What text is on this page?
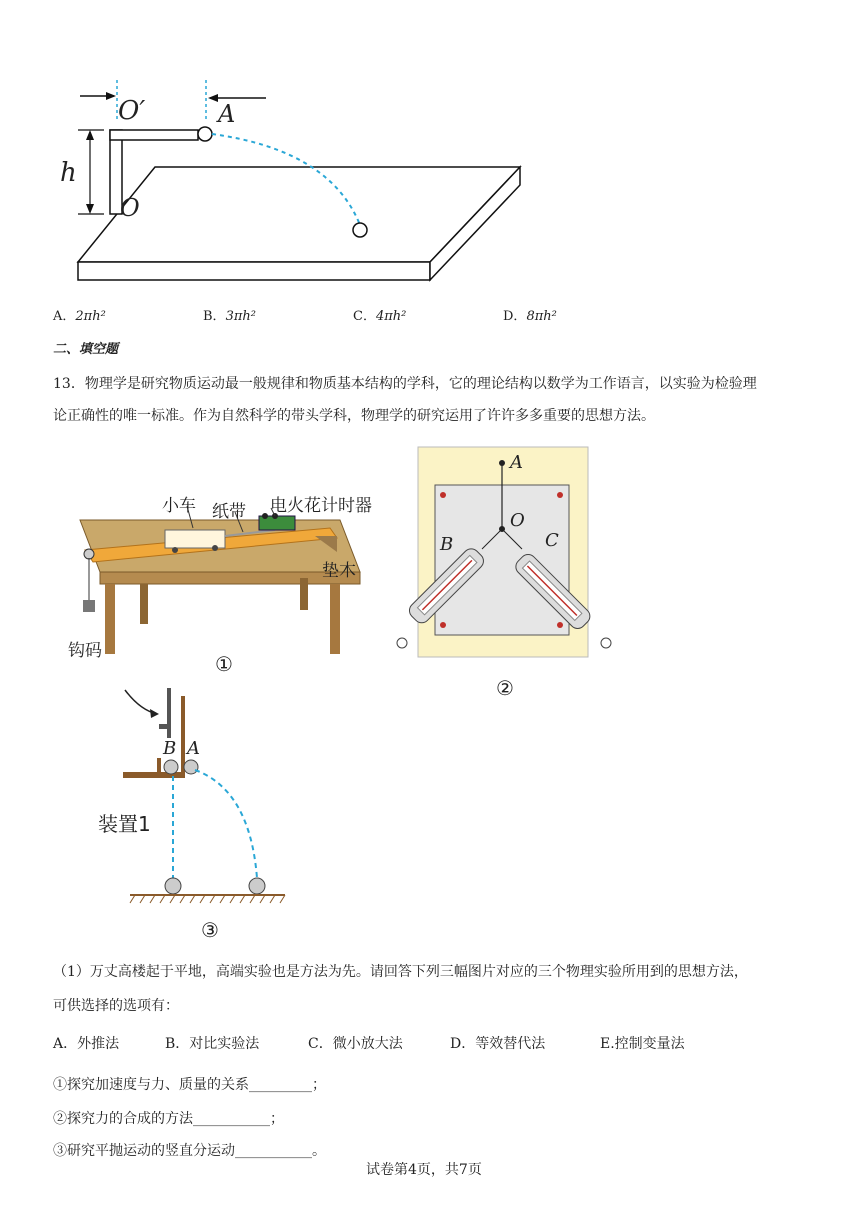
O′	A
h
O
A．2πh²	B．3πh²	C．4πh²	D．8πh²
二、填空题
13．物理学是研究物质运动最一般规律和物质基本结构的学科，它的理论结构以数学为工作语言，以实验为检验理
论正确性的唯一标准。作为自然科学的带头学科，物理学的研究运用了许许多多重要的思想方法。
小车 纸带 电火花计时器
垫木
钩码
①
A
O
B	C
②
B A
装置1
③
（1）万丈高楼起于平地，高端实验也是方法为先。请回答下列三幅图片对应的三个物理实验所用到的思想方法，
可供选择的选项有：
A．外推法	B．对比实验法	C．微小放大法	D．等效替代法	E.控制变量法
①探究加速度与力、质量的关系_________；
②探究力的合成的方法___________；
③研究平抛运动的竖直分运动___________。
试卷第4页，共7页
